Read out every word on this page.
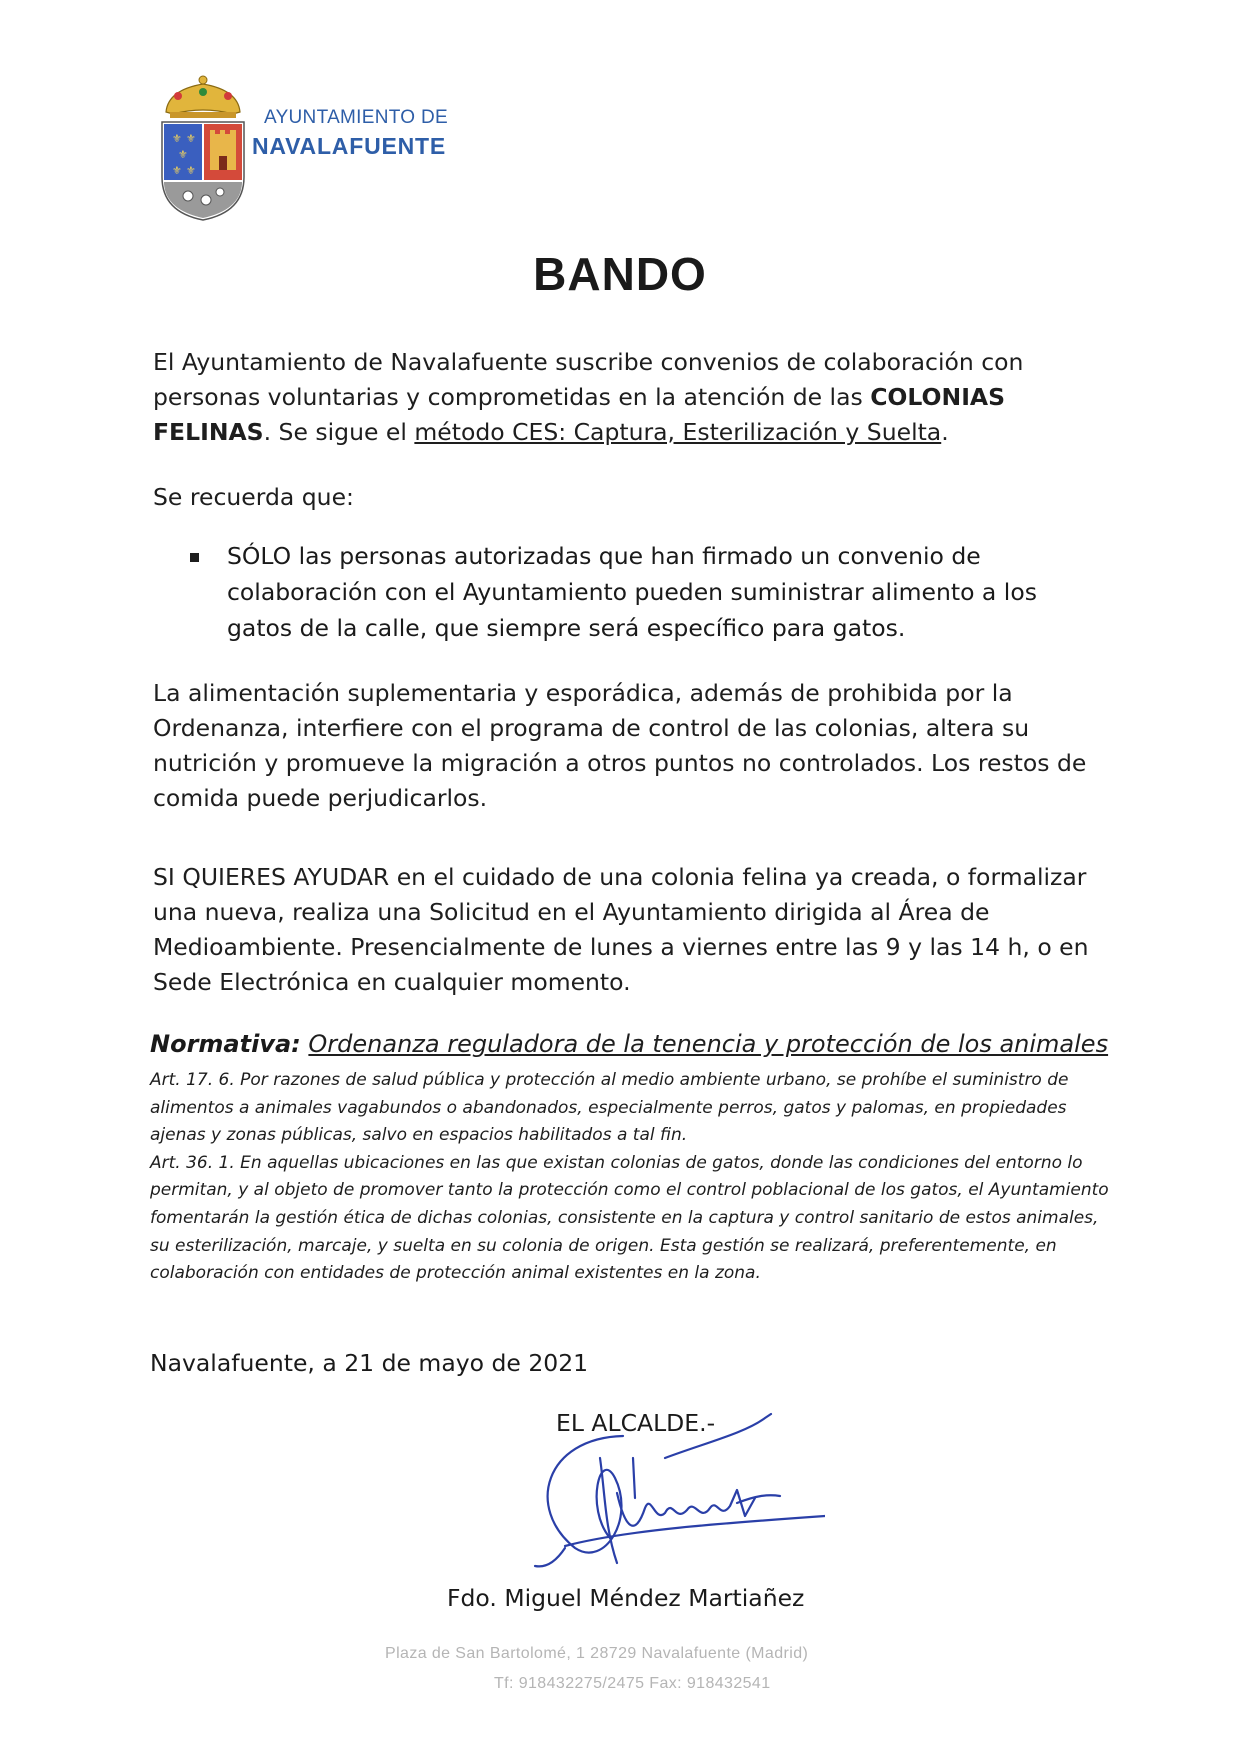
⚜ ⚜
⚜
⚜ ⚜
AYUNTAMIENTO DE
NAVALAFUENTE
BANDO
El Ayuntamiento de Navalafuente suscribe convenios de colaboración con personas voluntarias y comprometidas en la atención de las COLONIAS FELINAS. Se sigue el método CES: Captura, Esterilización y Suelta.
Se recuerda que:
SÓLO las personas autorizadas que han firmado un convenio de colaboración con el Ayuntamiento pueden suministrar alimento a los gatos de la calle, que siempre será específico para gatos.
La alimentación suplementaria y esporádica, además de prohibida por la Ordenanza, interfiere con el programa de control de las colonias, altera su nutrición y promueve la migración a otros puntos no controlados. Los restos de comida puede perjudicarlos.
SI QUIERES AYUDAR en el cuidado de una colonia felina ya creada, o formalizar una nueva, realiza una Solicitud en el Ayuntamiento dirigida al Área de Medioambiente. Presencialmente de lunes a viernes entre las 9 y las 14 h, o en Sede Electrónica en cualquier momento.
Normativa: Ordenanza reguladora de la tenencia y protección de los animales
Art. 17. 6. Por razones de salud pública y protección al medio ambiente urbano, se prohíbe el suministro de alimentos a animales vagabundos o abandonados, especialmente perros, gatos y palomas, en propiedades ajenas y zonas públicas, salvo en espacios habilitados a tal fin.
Art. 36. 1. En aquellas ubicaciones en las que existan colonias de gatos, donde las condiciones del entorno lo permitan, y al objeto de promover tanto la protección como el control poblacional de los gatos, el Ayuntamiento fomentarán la gestión ética de dichas colonias, consistente en la captura y control sanitario de estos animales, su esterilización, marcaje, y suelta en su colonia de origen. Esta gestión se realizará, preferentemente, en colaboración con entidades de protección animal existentes en la zona.
Navalafuente, a 21 de mayo de 2021
EL ALCALDE.-
Fdo. Miguel Méndez Martiañez
Plaza de San Bartolomé, 1 28729 Navalafuente (Madrid)
Tf: 918432275/2475 Fax: 918432541
